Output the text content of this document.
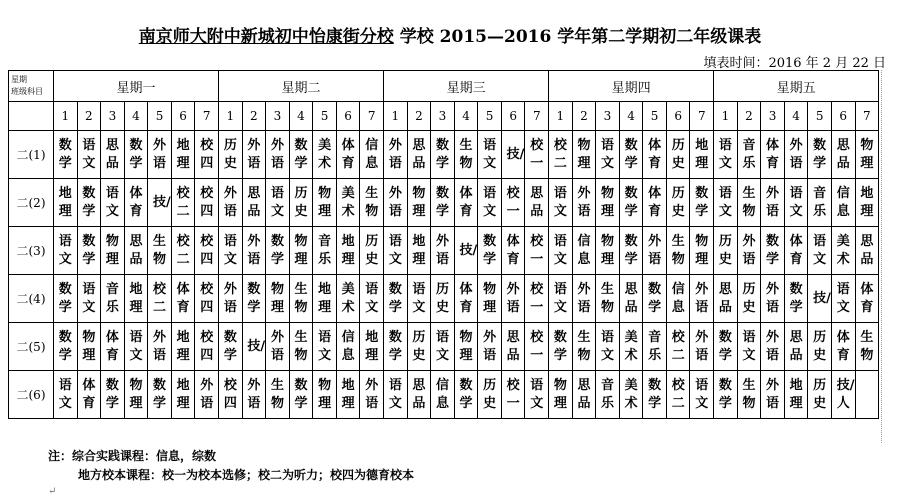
南京师大附中新城初中怡康街分校 学校 2015—2016 学年第二学期初二年级课表
填表时间：2016 年 2 月 22 日
星期
班级科目	星期一							星期二							星期三							星期四							星期五						
	1	2	3	4	5	6	7	1	2	3	4	5	6	7	1	2	3	4	5	6	7	1	2	3	4	5	6	7	1	2	3	4	5	6	7
二(1)	数学	语文	思品	数学	外语	地理	校四	历史	外语	外语	数学	美术	体育	信息	外语	思品	数学	生物	语文	技/	校一	校二	物理	语文	数学	体育	历史	地理	语文	音乐	体育	外语	数学	思品	物理
二(2)	地理	数学	语文	体育	技/	校二	校四	外语	思品	语文	历史	物理	美术	生物	外语	物理	数学	体育	语文	校一	思品	语文	外语	物理	数学	体育	历史	数学	语文	生物	外语	语文	音乐	信息	地理
二(3)	语文	数学	物理	思品	生物	校二	校四	语文	外语	数学	物理	音乐	地理	历史	语文	地理	外语	技/	数学	体育	校一	语文	信息	物理	数学	外语	生物	物理	历史	外语	数学	体育	语文	美术	思品
二(4)	数学	语文	音乐	地理	校二	体育	校四	外语	数学	物理	生物	地理	美术	语文	数学	语文	历史	体育	物理	外语	校一	语文	外语	生物	思品	数学	信息	外语	思品	历史	外语	数学	技/	语文	体育
二(5)	数学	物理	体育	语文	外语	地理	校四	数学	技/	外语	生物	语文	信息	地理	数学	历史	语文	物理	外语	思品	校一	数学	生物	语文	美术	音乐	校二	外语	数学	语文	外语	思品	历史	体育	生物
二(6)	语文	体育	数学	物理	数学	地理	外语	校四	外语	生物	数学	物理	地理	外语	语文	思品	信息	数学	历史	校一	语文	物理	思品	音乐	美术	数学	校二	语文	数学	生物	外语	地理	历史	技/人	
注：综合实践课程：信息，综数
地方校本课程：校一为校本选修；校二为听力；校四为德育校本
↵
